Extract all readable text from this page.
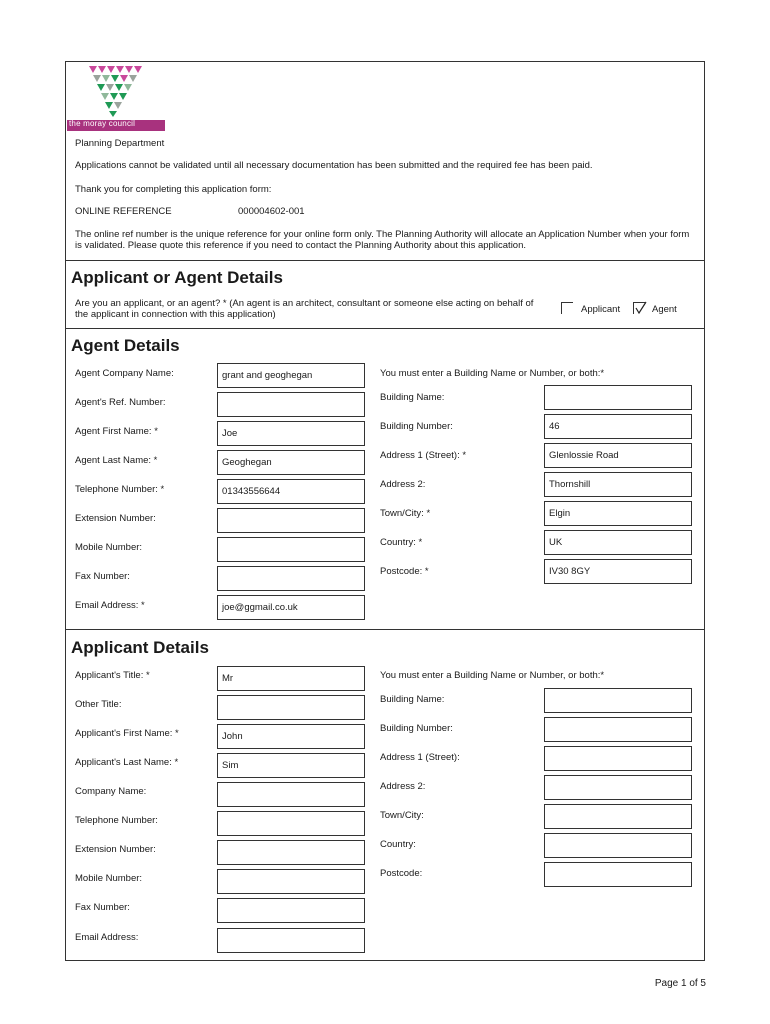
the moray council
Planning Department
Applications cannot be validated until all necessary documentation has been submitted and the required fee has been paid.
Thank you for completing this application form:
ONLINE REFERENCE	000004602-001
The online ref number is the unique reference for your online form only. The Planning Authority will allocate an Application Number when your form is validated. Please quote this reference if you need to contact the Planning Authority about this application.
Applicant or Agent Details
Are you an applicant, or an agent? * (An agent is an architect, consultant or someone else acting on behalf of the applicant in connection with this application)	Applicant	Agent
Agent Details
Agent Company Name:	grant and geoghegan
Agent's Ref. Number:
Agent First Name: *	Joe
Agent Last Name: *	Geoghegan
Telephone Number: *	01343556644
Extension Number:
Mobile Number:
Fax Number:
Email Address: *	joe@ggmail.co.uk
You must enter a Building Name or Number, or both:*
Building Name:
Building Number:	46
Address 1 (Street): *	Glenlossie Road
Address 2:	Thornshill
Town/City: *	Elgin
Country: *	UK
Postcode: *	IV30 8GY
Applicant Details
Applicant's Title: *	Mr
Other Title:
Applicant's First Name: *	John
Applicant's Last Name: *	Sim
Company Name:
Telephone Number:
Extension Number:
Mobile Number:
Fax Number:
Email Address:
You must enter a Building Name or Number, or both:*
Building Name:
Building Number:
Address 1 (Street):
Address 2:
Town/City:
Country:
Postcode:
Page 1 of 5
